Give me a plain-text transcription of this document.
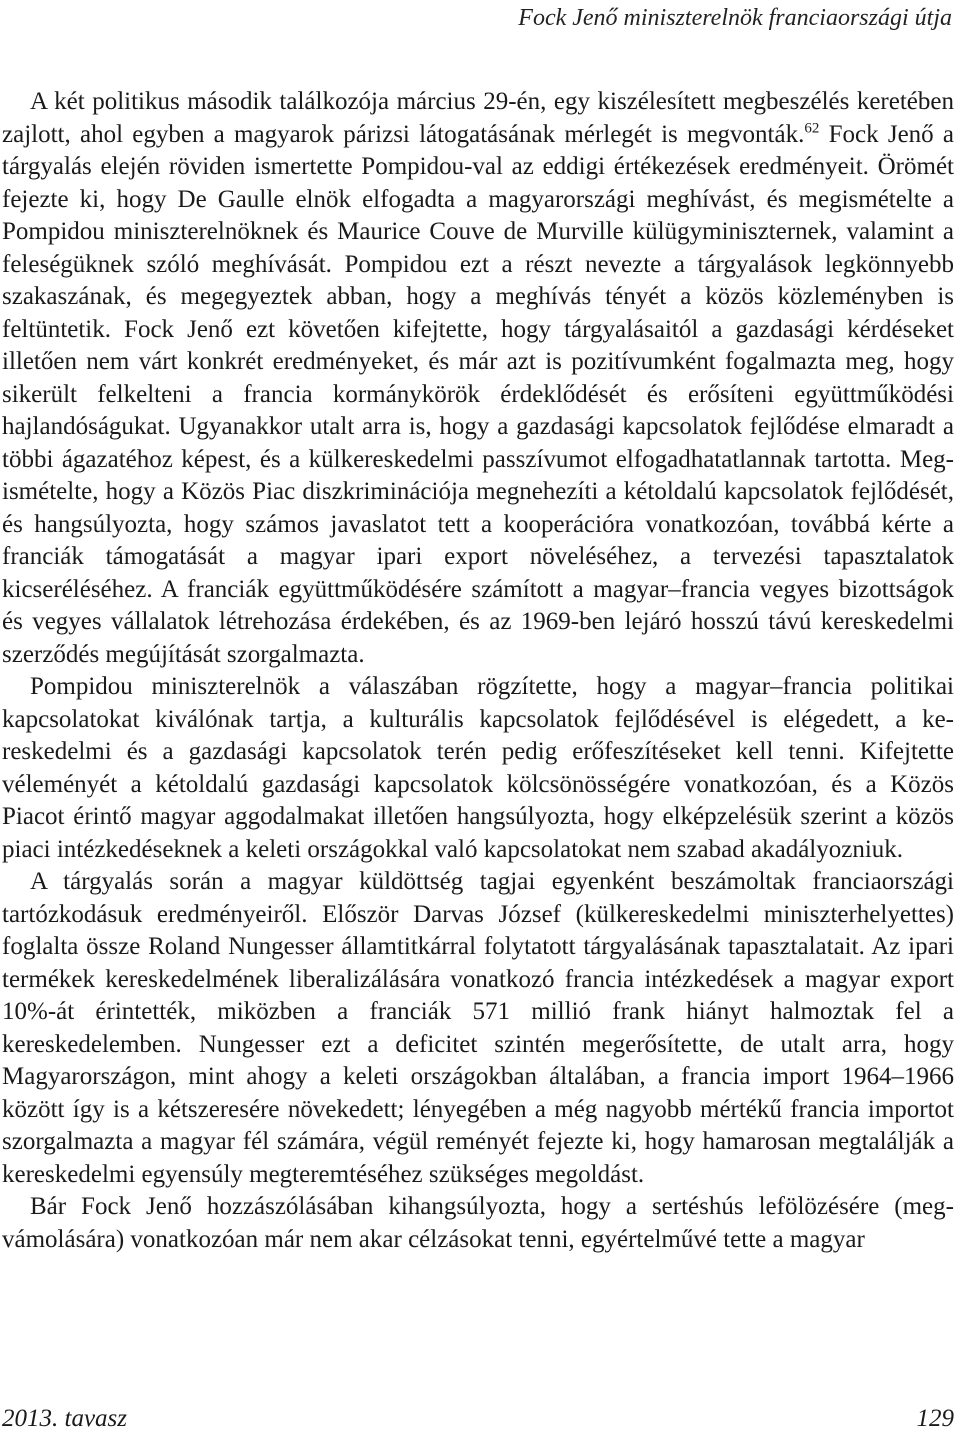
Fock Jenő miniszterelnök franciaországi útja

A két politikus második találkozója március 29-én, egy kiszélesített megbeszélés keretében zajlott, ahol egyben a magyarok párizsi látogatásának mérlegét is megvonták.$^{62}$ Fock Jenő a tárgyalás elején röviden ismertette Pompidou-val az eddigi értékezések eredményeit. Örömét fejezte ki, hogy De Gaulle elnök elfogadta a magyarországi meghívást, és megismételte a Pompidou miniszterelnöknek és Maurice Couve de Murville külügyminiszternek, valamint a feleségüknek szóló meghívását. Pompidou ezt a részt nevezte a tárgyalások legkönnyebb szakaszának, és megegyeztek abban, hogy a meghívás tényét a közös közleményben is feltüntetik. Fock Jenő ezt követően kifejtette, hogy tárgyalásaitól a gazdasági kérdéseket illetően nem várt konkrét eredményeket, és már azt is pozitívumként fogalmazta meg, hogy sikerült felkelteni a francia kormánykörök érdeklődését és erősíteni együttműködési hajlandóságukat. Ugyanakkor utalt arra is, hogy a gazdasági kapcsolatok fejlődése elmaradt a többi ágazatéhoz képest, és a külkereskedelmi passzívumot elfogadhatatlannak tartotta. Megismételte, hogy a Közös Piac diszkriminációja megnehezíti a kétoldalú kapcsolatok fejlődését, és hangsúlyozta, hogy számos javaslatot tett a kooperációra vonatkozóan, továbbá kérte a franciák támogatását a magyar ipari export növeléséhez, a tervezési tapasztalatok kicseréléséhez. A franciák együttműködésére számított a magyar–francia vegyes bizottságok és vegyes vállalatok létrehozása érdekében, és az 1969-ben lejáró hosszú távú kereskedelmi szerződés megújítását szorgalmazta.

Pompidou miniszterelnök a válaszában rögzítette, hogy a magyar–francia politikai kapcsolatokat kiválónak tartja, a kulturális kapcsolatok fejlődésével is elégedett, a kereskedelmi és a gazdasági kapcsolatok terén pedig erőfeszítéseket kell tenni. Kifejtette véleményét a kétoldalú gazdasági kapcsolatok kölcsönösségére vonatkozóan, és a Közös Piacot érintő magyar aggodalmakat illetően hangsúlyozta, hogy elképzelésük szerint a közös piaci intézkedéseknek a keleti országokkal való kapcsolatokat nem szabad akadályozniuk.

A tárgyalás során a magyar küldöttség tagjai egyenként beszámoltak franciaországi tartózkodásuk eredményeiről. Először Darvas József (külkereskedelmi miniszterhelyettes) foglalta össze Roland Nungesser államtitkárral folytatott tárgyalásának tapasztalatait. Az ipari termékek kereskedelmének liberalizálására vonatkozó francia intézkedések a magyar export 10%-át érintették, miközben a franciák 571 millió frank hiányt halmoztak fel a kereskedelemben. Nungesser ezt a deficitet szintén megerősítette, de utalt arra, hogy Magyarországon, mint ahogy a keleti országokban általában, a francia import 1964–1966 között így is a kétszeresére növekedett; lényegében a még nagyobb mértékű francia importot szorgalmazta a magyar fél számára, végül reményét fejezte ki, hogy hamarosan megtalálják a kereskedelmi egyensúly megteremtéséhez szükséges megoldást.

Bár Fock Jenő hozzászólásában kihangsúlyozta, hogy a sertéshús lefölözésére (megvámolására) vonatkozóan már nem akar célzásokat tenni, egyértelművé tette a magyar

2013. tavasz	129
